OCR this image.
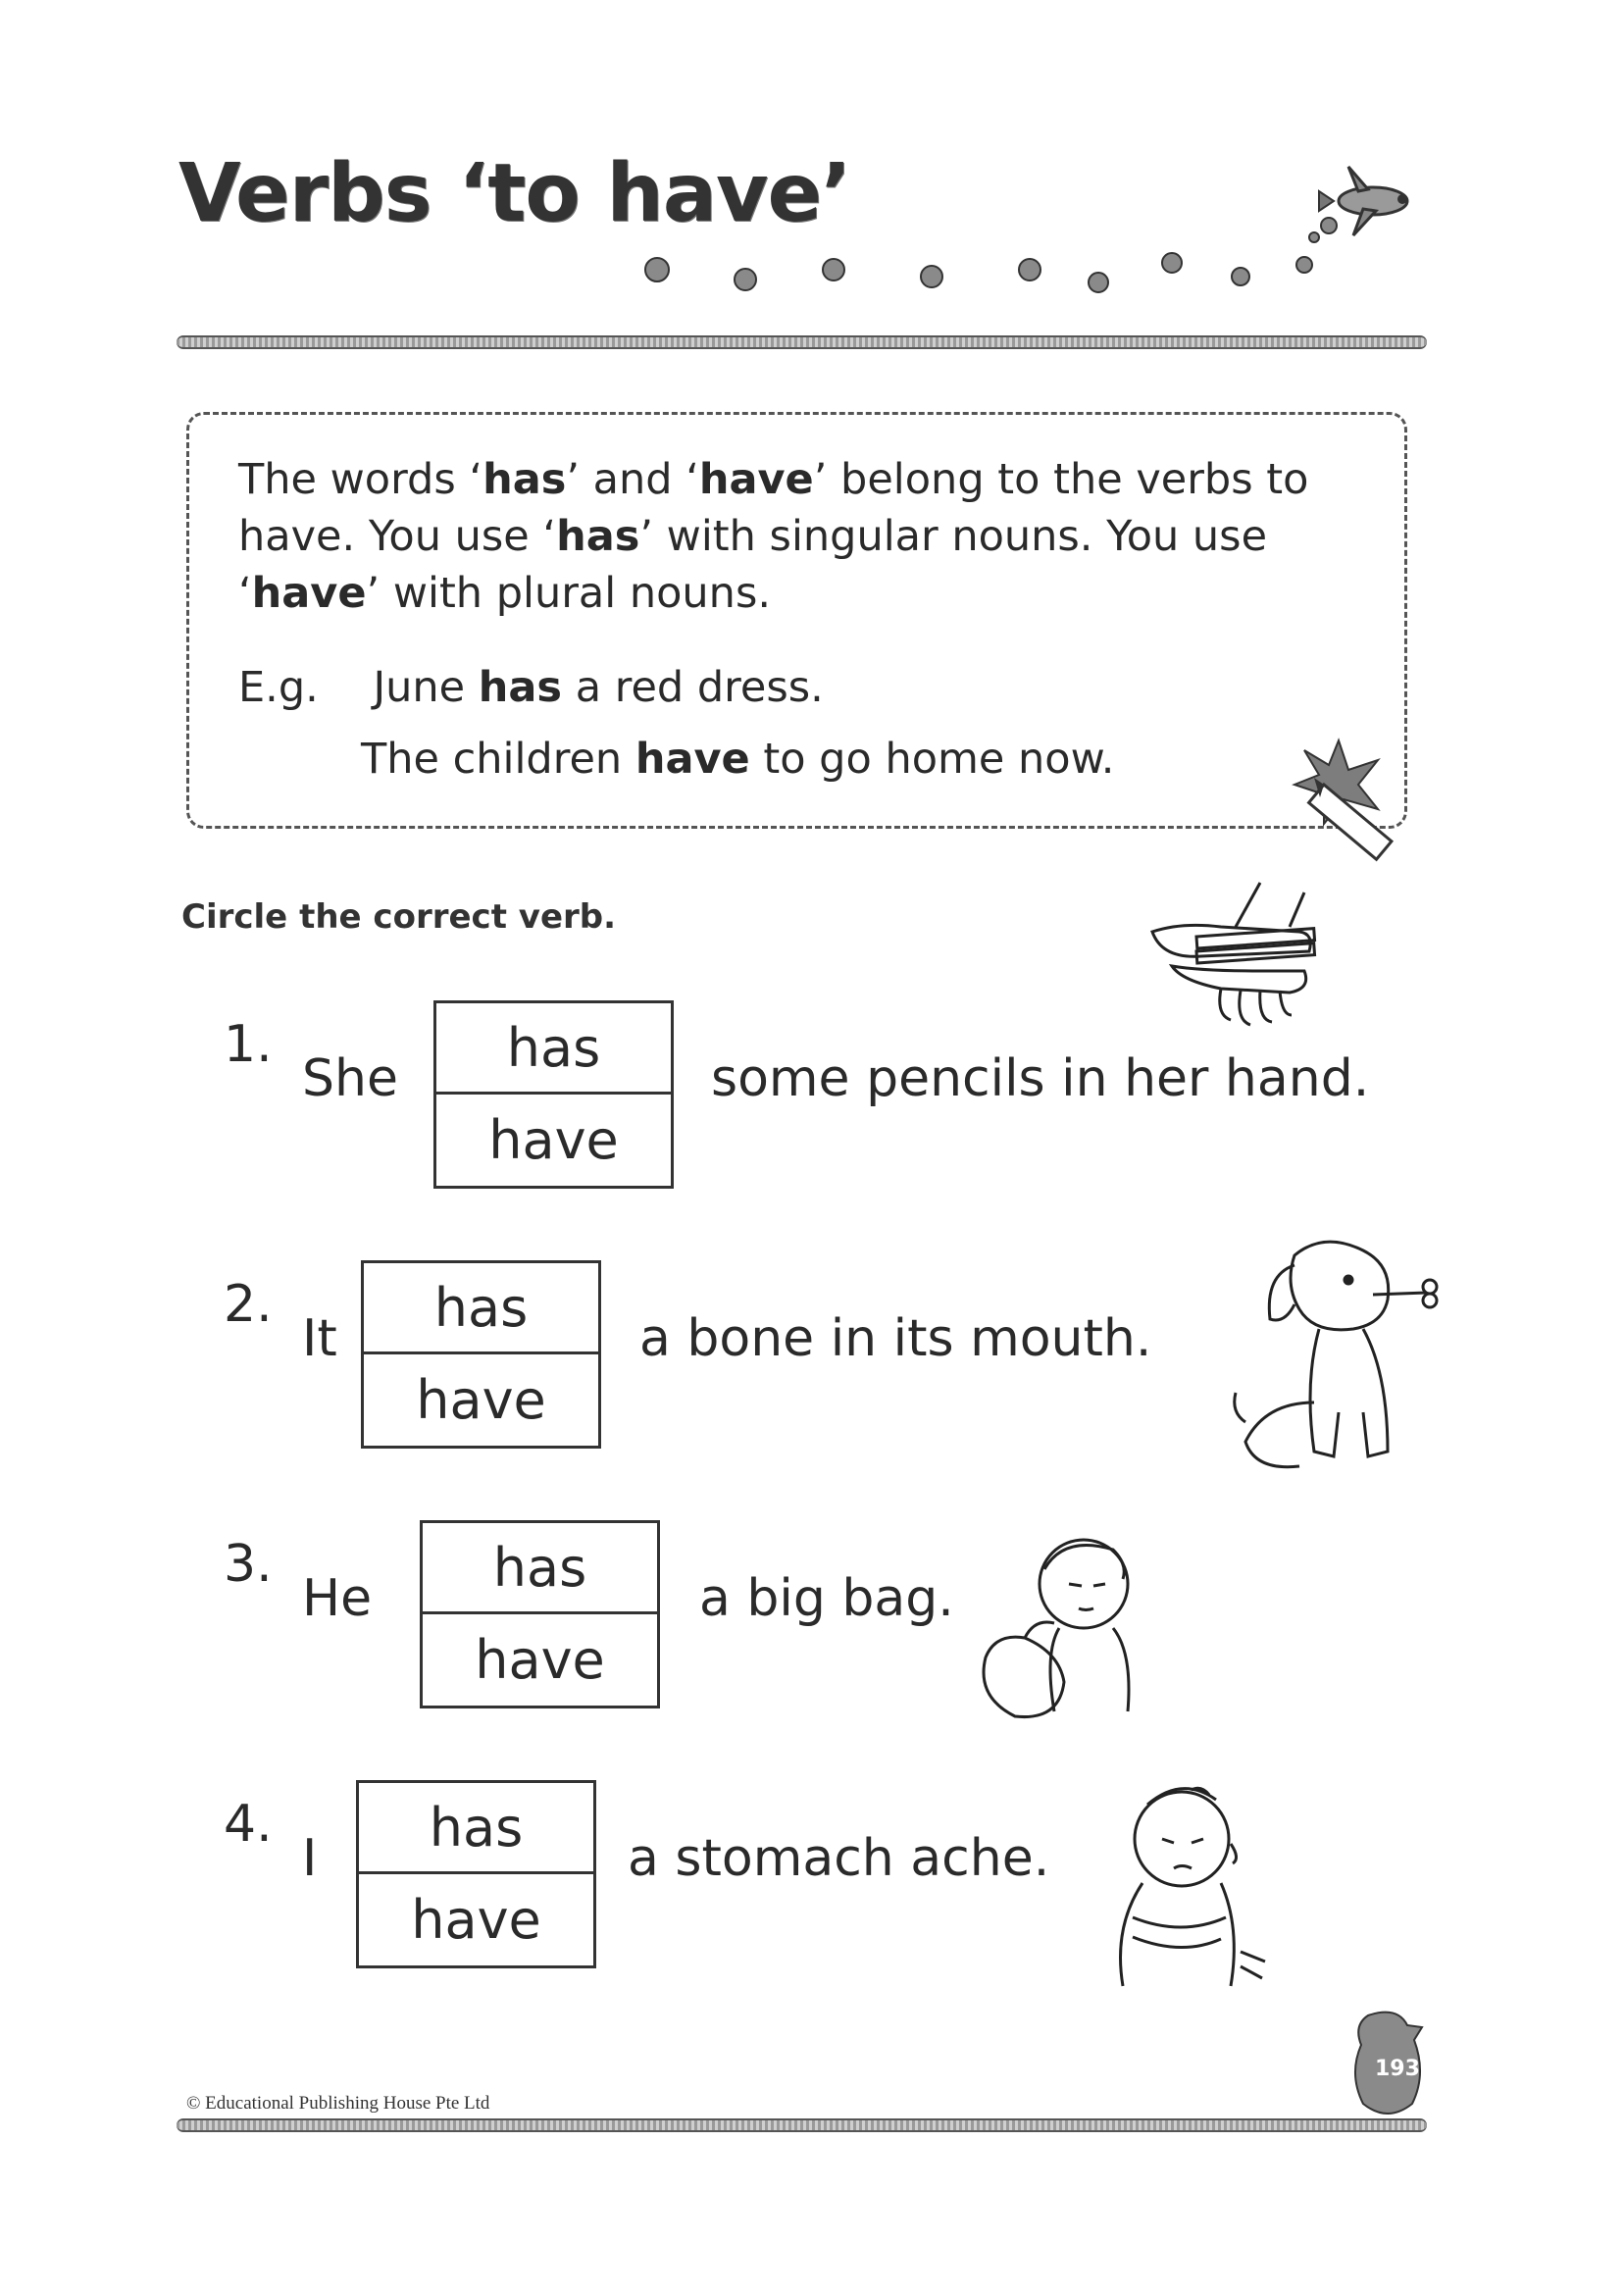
Verbs ‘to have’
The words ‘has’ and ‘have’ belong to the verbs to have. You use ‘has’ with singular nouns. You use ‘have’ with plural nouns.
E.g. June has a red dress.
The children have to go home now.

Circle the correct verb.

1.
She
has
have
some pencils in her hand.
2.
It
has
have
a bone in its mouth.
3.
He
has
have
a big bag.
4.
I
has
have
a stomach ache.
© Educational Publishing House Pte Ltd
193
